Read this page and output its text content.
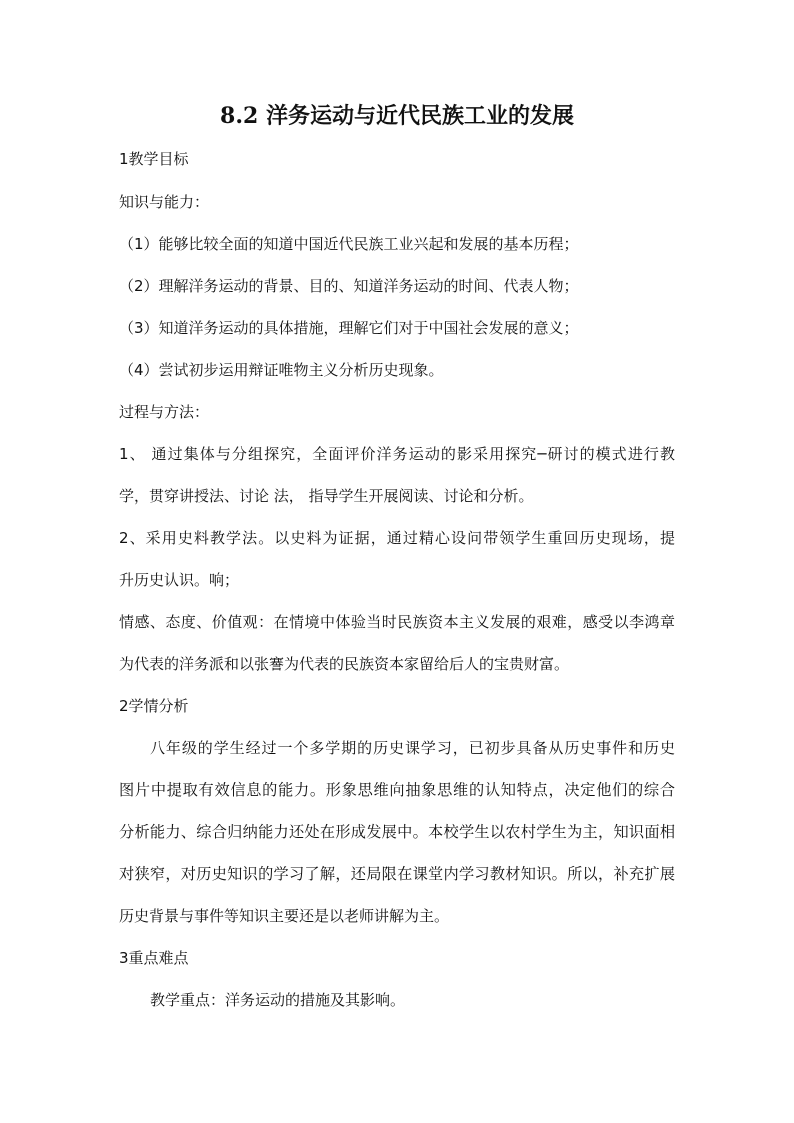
8.2 洋务运动与近代民族工业的发展
1教学目标
知识与能力：
（1）能够比较全面的知道中国近代民族工业兴起和发展的基本历程；
（2）理解洋务运动的背景、目的、知道洋务运动的时间、代表人物；
（3）知道洋务运动的具体措施，理解它们对于中国社会发展的意义；
（4）尝试初步运用辩证唯物主义分析历史现象。
过程与方法：
1、 通过集体与分组探究，全面评价洋务运动的影采用探究─研讨的模式进行教
学，贯穿讲授法、讨论 法， 指导学生开展阅读、讨论和分析。
2、采用史料教学法。以史料为证据，通过精心设问带领学生重回历史现场，提
升历史认识。响；
情感、态度、价值观：在情境中体验当时民族资本主义发展的艰难，感受以李鸿章
为代表的洋务派和以张謇为代表的民族资本家留给后人的宝贵财富。
2学情分析
八年级的学生经过一个多学期的历史课学习，已初步具备从历史事件和历史
图片中提取有效信息的能力。形象思维向抽象思维的认知特点，决定他们的综合
分析能力、综合归纳能力还处在形成发展中。本校学生以农村学生为主，知识面相
对狭窄，对历史知识的学习了解，还局限在课堂内学习教材知识。所以，补充扩展
历史背景与事件等知识主要还是以老师讲解为主。
3重点难点
教学重点：洋务运动的措施及其影响。
